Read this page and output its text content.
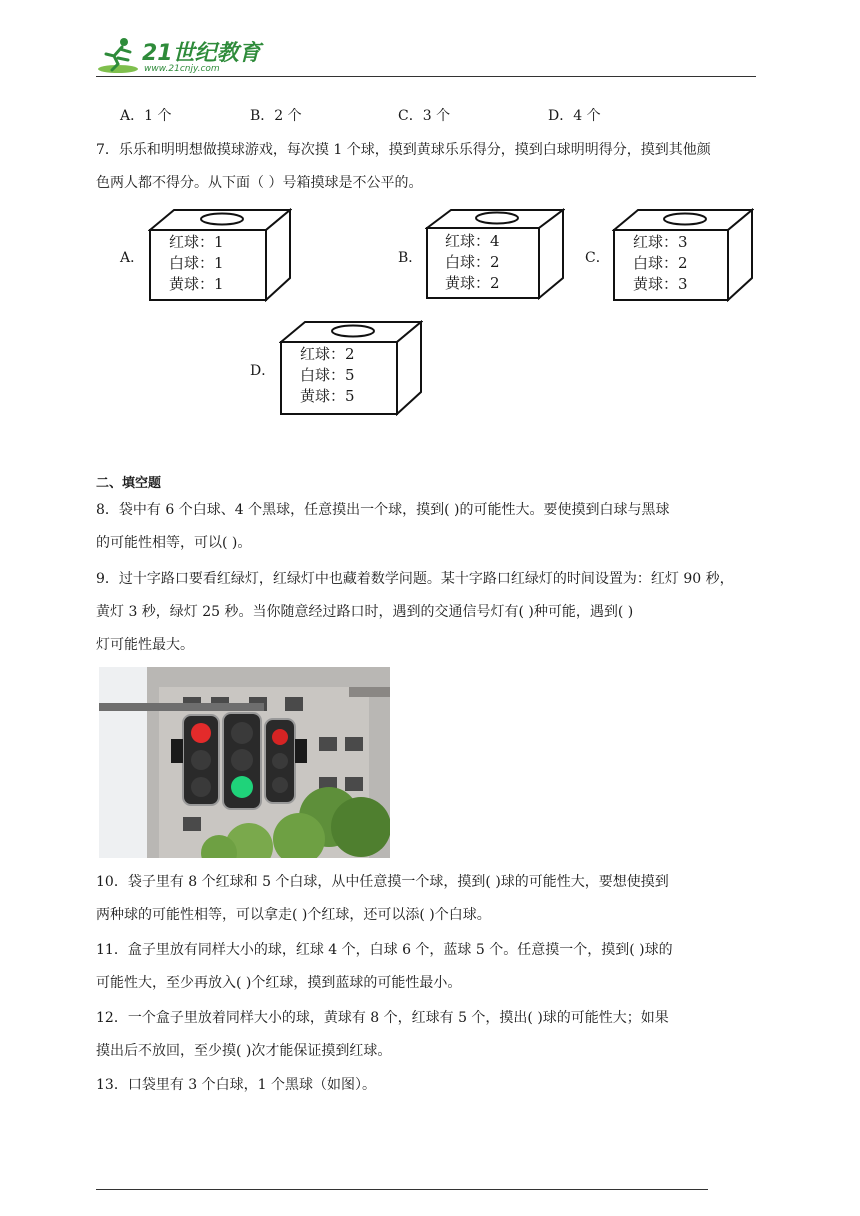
21世纪教育
www.21cnjy.com
A．1 个	B．2 个	C．3 个	D．4 个
7．乐乐和明明想做摸球游戏，每次摸 1 个球，摸到黄球乐乐得分，摸到白球明明得分，摸到其他颜
色两人都不得分。从下面（ ）号箱摸球是不公平的。
A．
红球：1
白球：1
黄球：1
B．
红球：4
白球：2
黄球：2
C．
红球：3
白球：2
黄球：3
D．
红球：2
白球：5
黄球：5
二、填空题
8．袋中有 6 个白球、4 个黑球，任意摸出一个球，摸到( )的可能性大。要使摸到白球与黑球
的可能性相等，可以( )。
9．过十字路口要看红绿灯，红绿灯中也藏着数学问题。某十字路口红绿灯的时间设置为：红灯 90 秒，
黄灯 3 秒，绿灯 25 秒。当你随意经过路口时，遇到的交通信号灯有( )种可能，遇到( )
灯可能性最大。
10．袋子里有 8 个红球和 5 个白球，从中任意摸一个球，摸到( )球的可能性大，要想使摸到
两种球的可能性相等，可以拿走( )个红球，还可以添( )个白球。
11．盒子里放有同样大小的球，红球 4 个，白球 6 个，蓝球 5 个。任意摸一个，摸到( )球的
可能性大，至少再放入( )个红球，摸到蓝球的可能性最小。
12．一个盒子里放着同样大小的球，黄球有 8 个，红球有 5 个，摸出( )球的可能性大；如果
摸出后不放回，至少摸( )次才能保证摸到红球。
13．口袋里有 3 个白球，1 个黑球（如图）。
